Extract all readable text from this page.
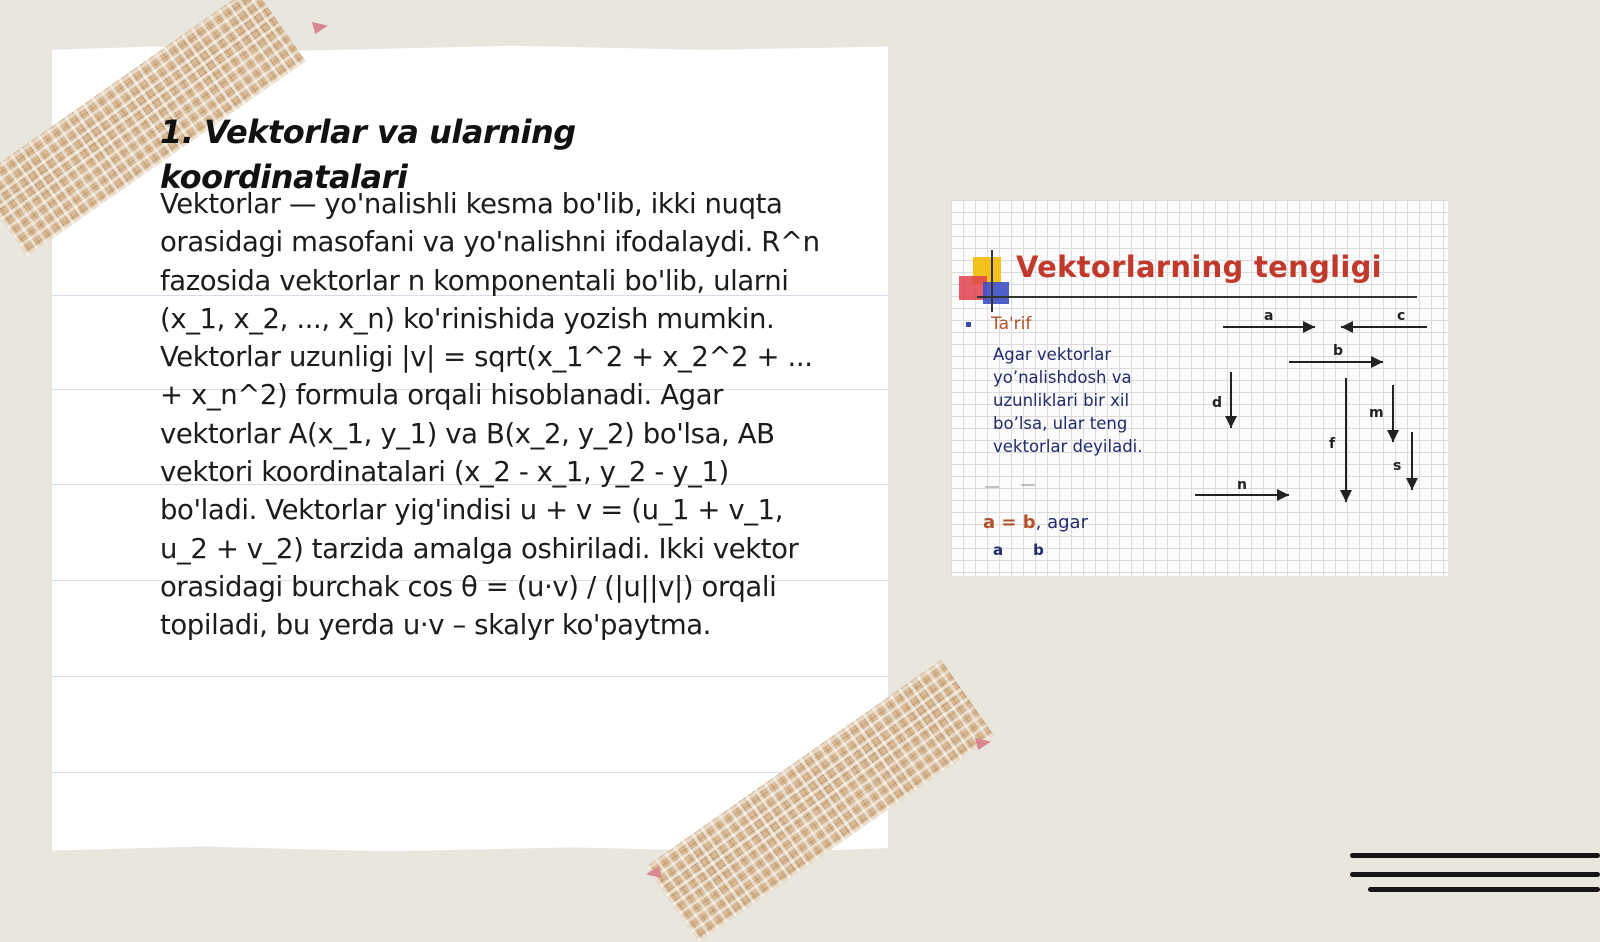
1. Vektorlar va ularning koordinatalari

Vektorlar — yo'nalishli kesma bo'lib, ikki nuqta orasidagi masofani va yo'nalishni ifodalaydi. R^n fazosida vektorlar n komponentali bo'lib, ularni (x_1, x_2, ..., x_n) ko'rinishida yozish mumkin. Vektorlar uzunligi |v| = sqrt(x_1^2 + x_2^2 + ... + x_n^2) formula orqali hisoblanadi. Agar vektorlar A(x_1, y_1) va B(x_2, y_2) bo'lsa, AB vektori koordinatalari (x_2 - x_1, y_2 - y_1) bo'ladi. Vektorlar yig'indisi u + v = (u_1 + v_1, u_2 + v_2) tarzida amalga oshiriladi. Ikki vektor orasidagi burchak cos θ = (u·v) / (|u||v|) orqali topiladi, bu yerda u·v – skalyr ko'paytma.

Vektorlarning tengligi
Ta'rif

Agar vektorlar yo’nalishdosh va uzunliklari bir xil bo’lsa, ular teng vektorlar deyiladi.

a = b, agar
a b
a	c
b
d
m
f
s
n
